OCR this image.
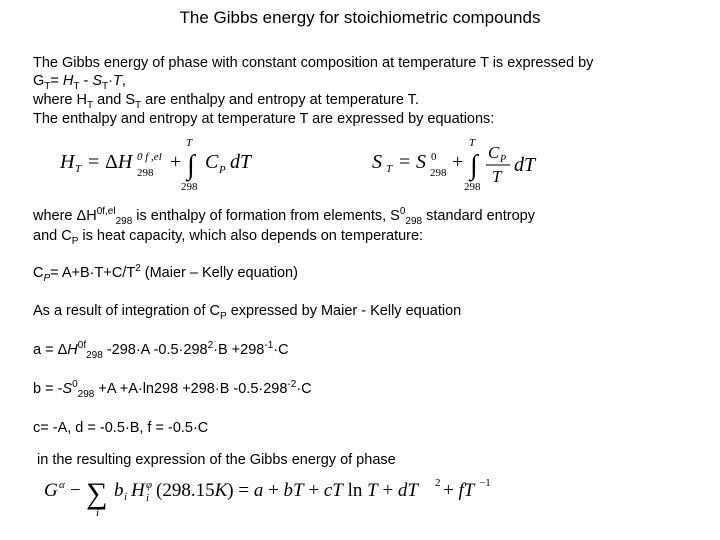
The Gibbs energy for stoichiometric compounds
The Gibbs energy of phase with constant composition at temperature T is expressed by
$G_T= H_T - S_T\cdot T$,
where $H_T$ and $S_T$ are enthalpy and entropy at temperature T.
The enthalpy and entropy at temperature T are expressed by equations:
H T = ΔH 0 f ,el
298 +
T
∫
298
C P dT	S T = S 0
298 +
T
∫
298
C P
T
dT
where $\Delta H^{0f,el}_{298}$ is enthalpy of formation from elements, $S^0_{298}$ standard entropy
and $C_P$ is heat capacity, which also depends on temperature:
$C_P= A+B\cdot T+C/T^2$ (Maier – Kelly equation)
As a result of integration of $C_P$ expressed by Maier - Kelly equation
$a = \Delta H^{0f}_{298}$ -298·A $-0.5\cdot 298^2\cdot B +298^{-1}\cdot C$
$b = -S^0_{298} +A +A\cdot\ln 298 +298\cdot B$ $-0.5\cdot 298^{-2}\cdot C$
c= -A, d = -0.5·B, f = -0.5·C
in the resulting expression of the Gibbs energy of phase
G α − ∑
i
b i H φ
i (298.15K) = a + bT + cT ln T + dT 2 + fT −1
